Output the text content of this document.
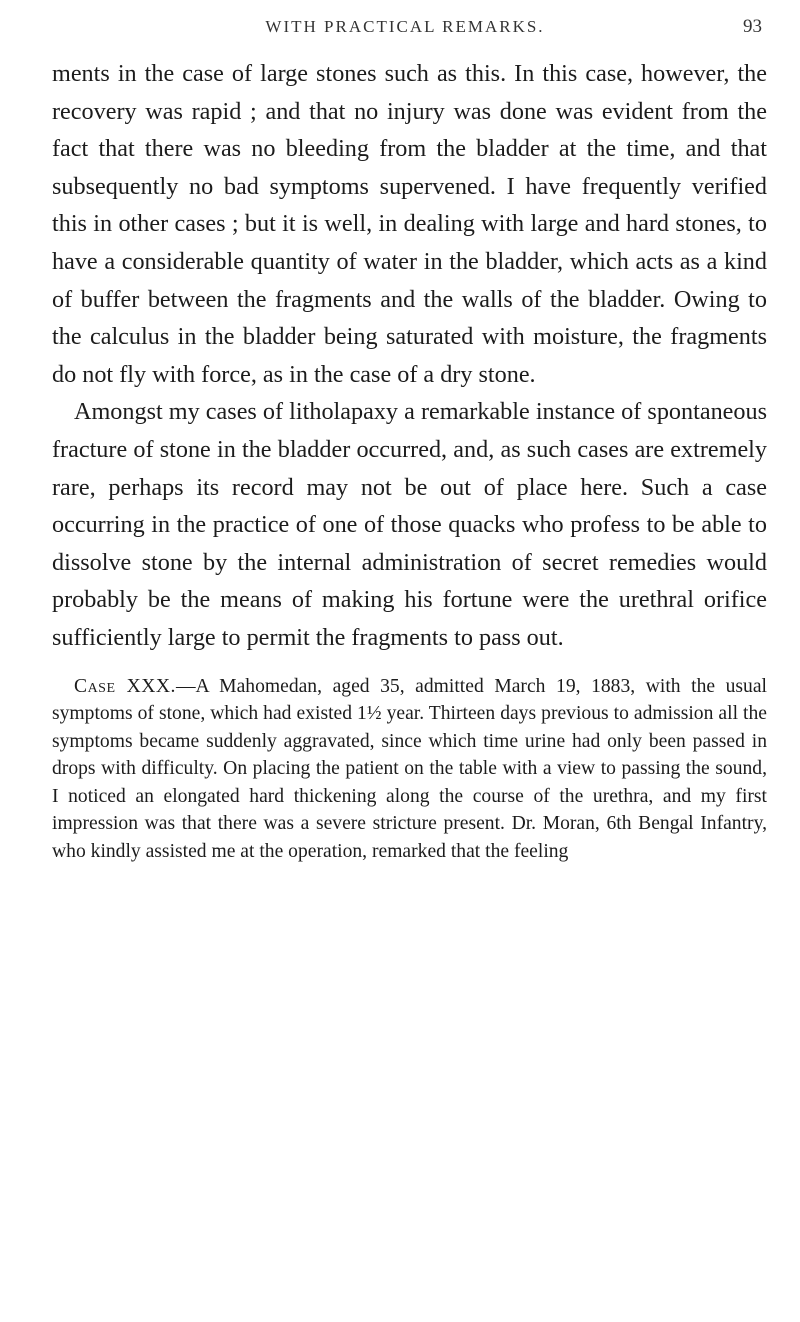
WITH PRACTICAL REMARKS.	93

ments in the case of large stones such as this. In this case, however, the recovery was rapid ; and that no injury was done was evident from the fact that there was no bleeding from the bladder at the time, and that subsequently no bad symptoms supervened. I have frequently verified this in other cases ; but it is well, in dealing with large and hard stones, to have a considerable quantity of water in the bladder, which acts as a kind of buffer between the fragments and the walls of the bladder. Owing to the calculus in the bladder being saturated with moisture, the fragments do not fly with force, as in the case of a dry stone.

Amongst my cases of litholapaxy a remarkable instance of spontaneous fracture of stone in the bladder occurred, and, as such cases are extremely rare, perhaps its record may not be out of place here. Such a case occurring in the practice of one of those quacks who profess to be able to dissolve stone by the internal administration of secret remedies would probably be the means of making his fortune were the urethral orifice sufficiently large to permit the fragments to pass out.

Case XXX.—A Mahomedan, aged 35, admitted March 19, 1883, with the usual symptoms of stone, which had existed 1½ year. Thirteen days previous to admission all the symptoms became suddenly aggravated, since which time urine had only been passed in drops with difficulty. On placing the patient on the table with a view to passing the sound, I noticed an elongated hard thickening along the course of the urethra, and my first impression was that there was a severe stricture present. Dr. Moran, 6th Bengal Infantry, who kindly assisted me at the operation, remarked that the feeling
